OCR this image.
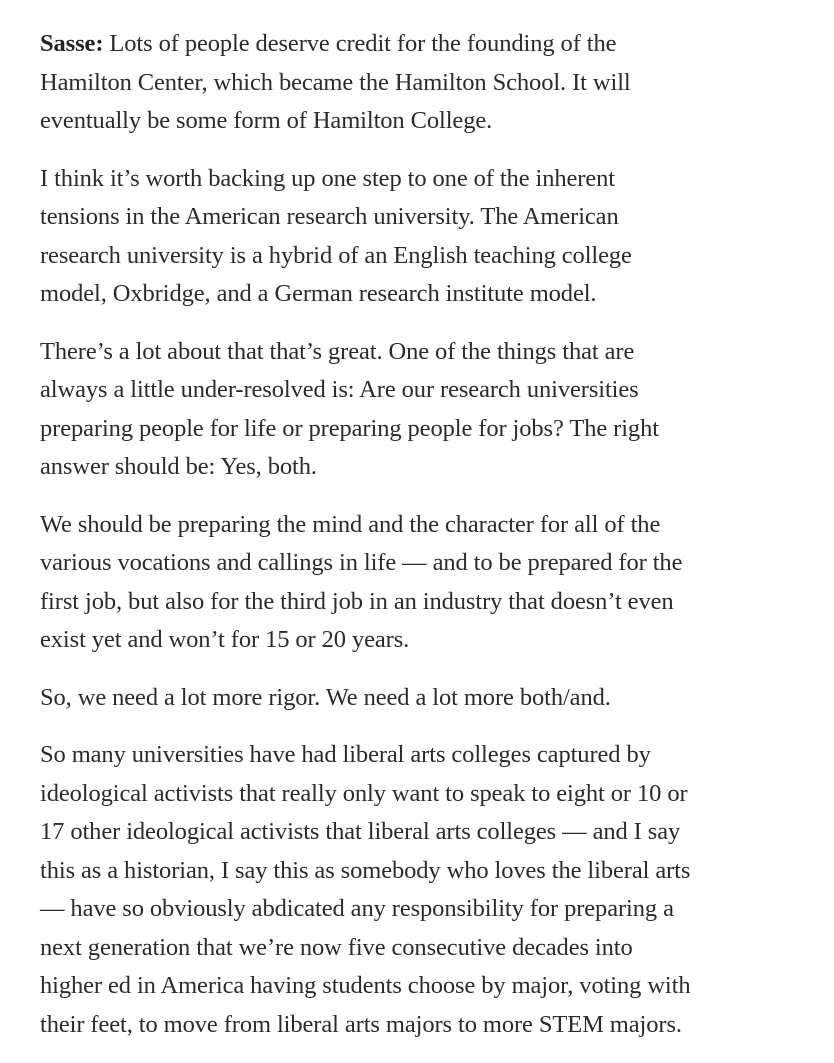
Sasse: Lots of people deserve credit for the founding of the
Hamilton Center, which became the Hamilton School. It will
eventually be some form of Hamilton College.

I think it’s worth backing up one step to one of the inherent
tensions in the American research university. The American
research university is a hybrid of an English teaching college
model, Oxbridge, and a German research institute model.

There’s a lot about that that’s great. One of the things that are
always a little under-resolved is: Are our research universities
preparing people for life or preparing people for jobs? The right
answer should be: Yes, both.

We should be preparing the mind and the character for all of the
various vocations and callings in life — and to be prepared for the
first job, but also for the third job in an industry that doesn’t even
exist yet and won’t for 15 or 20 years.

So, we need a lot more rigor. We need a lot more both/and.

So many universities have had liberal arts colleges captured by
ideological activists that really only want to speak to eight or 10 or
17 other ideological activists that liberal arts colleges — and I say
this as a historian, I say this as somebody who loves the liberal arts
— have so obviously abdicated any responsibility for preparing a
next generation that we’re now five consecutive decades into
higher ed in America having students choose by major, voting with
their feet, to move from liberal arts majors to more STEM majors.
